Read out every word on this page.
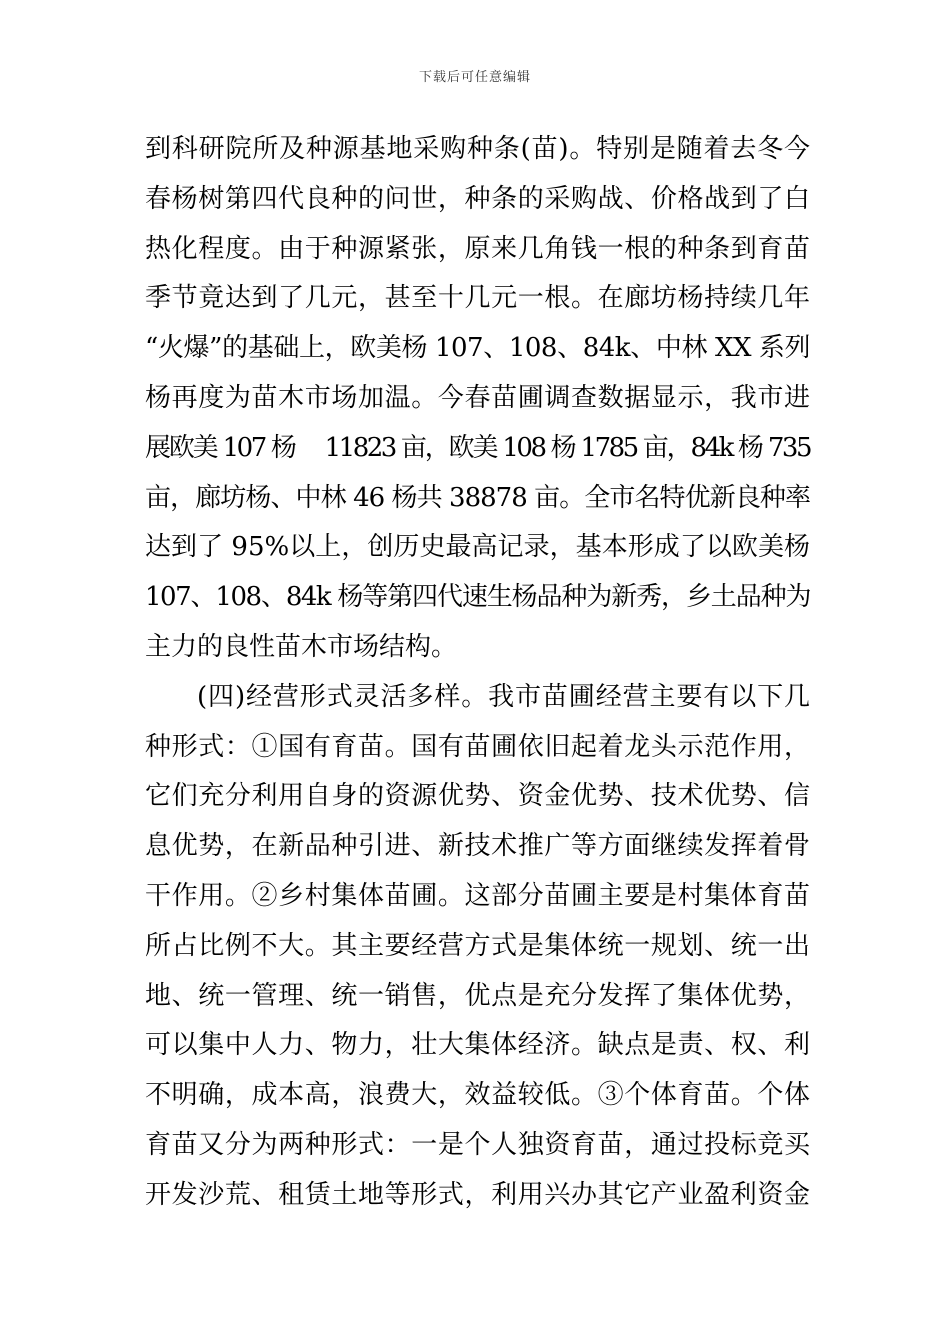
下载后可任意编辑
到科研院所及种源基地采购种条(苗)。特别是随着去冬今
春杨树第四代良种的问世，种条的采购战、价格战到了白
热化程度。由于种源紧张，原来几角钱一根的种条到育苗
季节竟达到了几元，甚至十几元一根。在廊坊杨持续几年
“火爆”的基础上，欧美杨 107、108、84k、中林 XX 系列
杨再度为苗木市场加温。今春苗圃调查数据显示，我市进
展欧美 107 杨　 11823 亩，欧美 108 杨 1785 亩，84k 杨 735
亩，廊坊杨、中林 46 杨共 38878 亩。全市名特优新良种率
达到了 95%以上，创历史最高记录，基本形成了以欧美杨
107、108、84k 杨等第四代速生杨品种为新秀，乡土品种为
主力的良性苗木市场结构。
(四)经营形式灵活多样。我市苗圃经营主要有以下几
种形式：①国有育苗。国有苗圃依旧起着龙头示范作用，
它们充分利用自身的资源优势、资金优势、技术优势、信
息优势，在新品种引进、新技术推广等方面继续发挥着骨
干作用。②乡村集体苗圃。这部分苗圃主要是村集体育苗
所占比例不大。其主要经营方式是集体统一规划、统一出
地、统一管理、统一销售，优点是充分发挥了集体优势，
可以集中人力、物力，壮大集体经济。缺点是责、权、利
不明确，成本高，浪费大，效益较低。③个体育苗。个体
育苗又分为两种形式：一是个人独资育苗，通过投标竞买
开发沙荒、租赁土地等形式，利用兴办其它产业盈利资金
